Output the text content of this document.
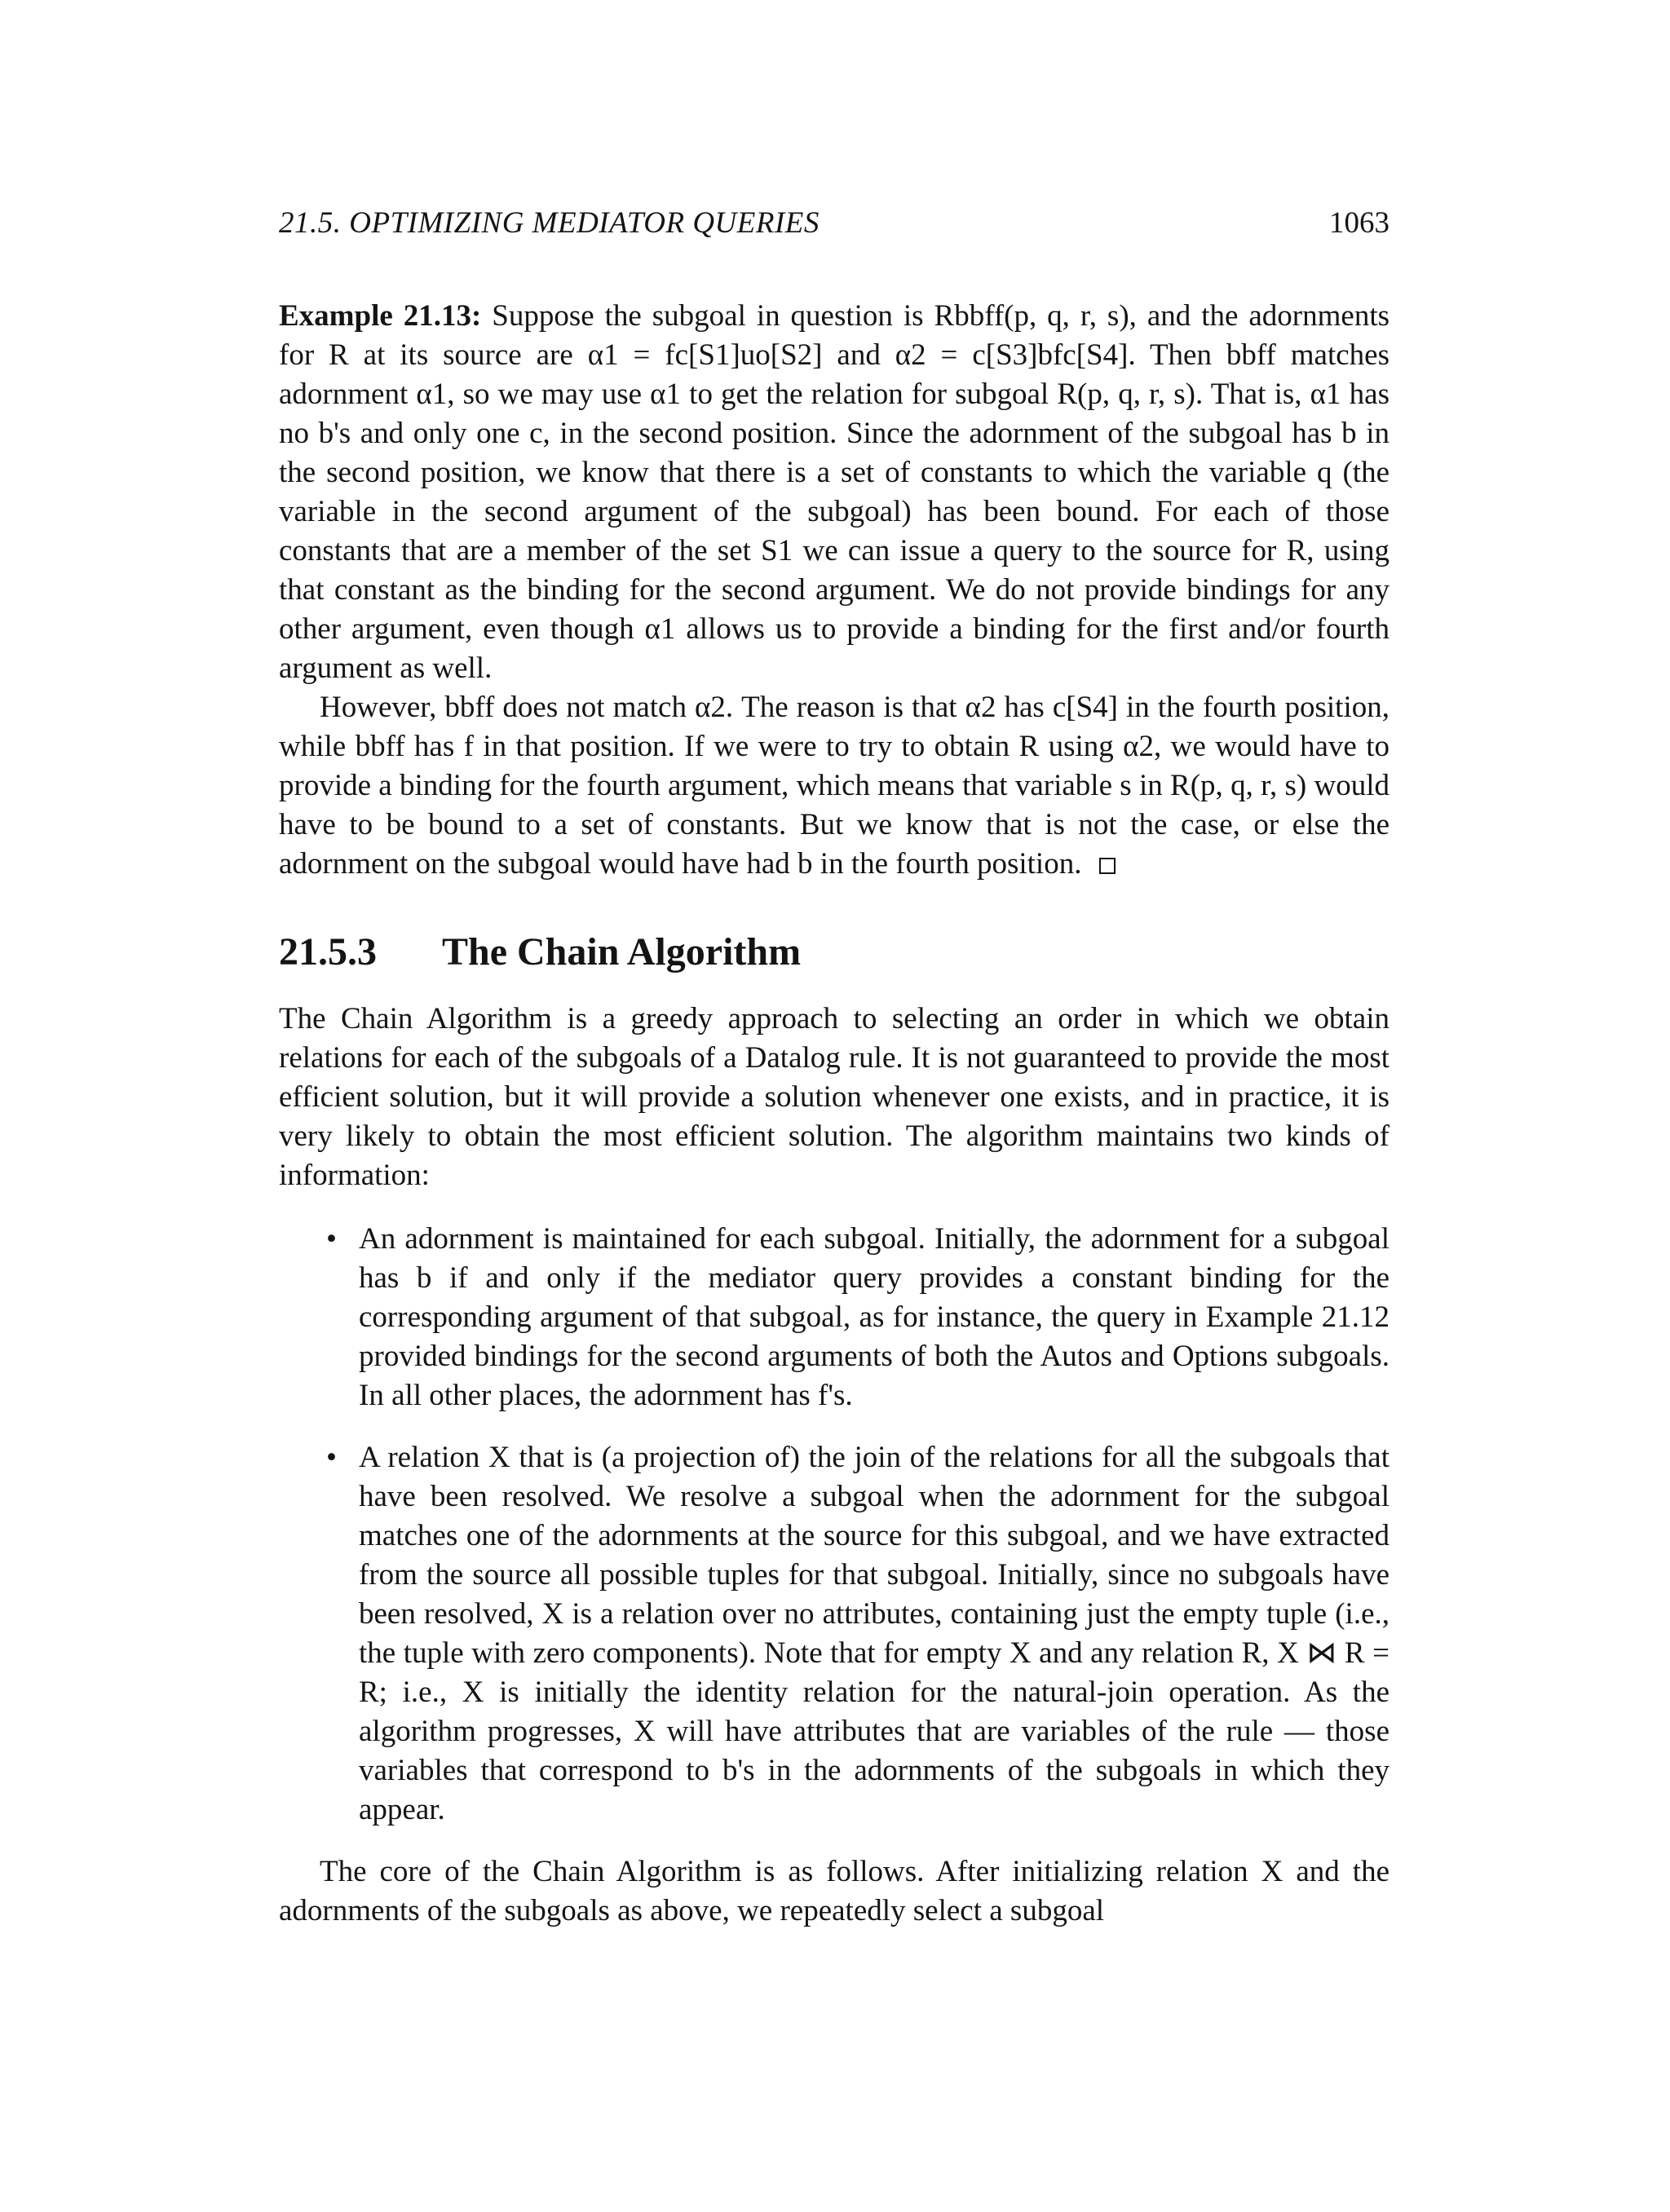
21.5. OPTIMIZING MEDIATOR QUERIES	1063

Example 21.13: Suppose the subgoal in question is Rbbff(p, q, r, s), and the adornments for R at its source are α1 = fc[S1]uo[S2] and α2 = c[S3]bfc[S4]. Then bbff matches adornment α1, so we may use α1 to get the relation for subgoal R(p, q, r, s). That is, α1 has no b's and only one c, in the second position. Since the adornment of the subgoal has b in the second position, we know that there is a set of constants to which the variable q (the variable in the second argument of the subgoal) has been bound. For each of those constants that are a member of the set S1 we can issue a query to the source for R, using that constant as the binding for the second argument. We do not provide bindings for any other argument, even though α1 allows us to provide a binding for the first and/or fourth argument as well.

However, bbff does not match α2. The reason is that α2 has c[S4] in the fourth position, while bbff has f in that position. If we were to try to obtain R using α2, we would have to provide a binding for the fourth argument, which means that variable s in R(p, q, r, s) would have to be bound to a set of constants. But we know that is not the case, or else the adornment on the subgoal would have had b in the fourth position.

21.5.3 The Chain Algorithm

The Chain Algorithm is a greedy approach to selecting an order in which we obtain relations for each of the subgoals of a Datalog rule. It is not guaranteed to provide the most efficient solution, but it will provide a solution whenever one exists, and in practice, it is very likely to obtain the most efficient solution. The algorithm maintains two kinds of information:

• An adornment is maintained for each subgoal. Initially, the adornment for a subgoal has b if and only if the mediator query provides a constant binding for the corresponding argument of that subgoal, as for instance, the query in Example 21.12 provided bindings for the second arguments of both the Autos and Options subgoals. In all other places, the adornment has f's.
• A relation X that is (a projection of) the join of the relations for all the subgoals that have been resolved. We resolve a subgoal when the adornment for the subgoal matches one of the adornments at the source for this subgoal, and we have extracted from the source all possible tuples for that subgoal. Initially, since no subgoals have been resolved, X is a relation over no attributes, containing just the empty tuple (i.e., the tuple with zero components). Note that for empty X and any relation R, X ⋈ R = R; i.e., X is initially the identity relation for the natural-join operation. As the algorithm progresses, X will have attributes that are variables of the rule — those variables that correspond to b's in the adornments of the subgoals in which they appear.

The core of the Chain Algorithm is as follows. After initializing relation X and the adornments of the subgoals as above, we repeatedly select a subgoal
